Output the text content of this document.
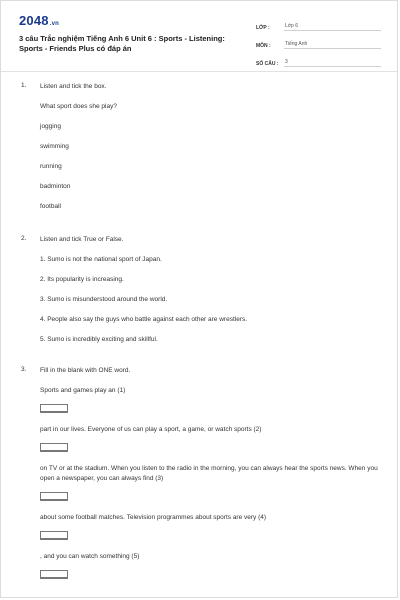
2048.vn
3 câu Trắc nghiệm Tiếng Anh 6 Unit 6 : Sports - Listening: Sports - Friends Plus có đáp án
LỚP :	Lớp 6
MÔN :	Tiếng Anh
SỐ CÂU :	3
1. Listen and tick the box.

What sport does she play?

jogging

swimming

running

badminton

football

2. Listen and tick True or False.

1. Sumo is not the national sport of Japan.

2. Its popularity is increasing.

3. Sumo is misunderstood around the world.

4. People also say the guys who battle against each other are wrestlers.

5. Sumo is incredibly exciting and skillful.

3. Fill in the blank with ONE word.

Sports and games play an (1)

part in our lives. Everyone of us can play a sport, a game, or watch sports (2)

on TV or at the stadium. When you listen to the radio in the morning, you can always hear the sports news. When you open a newspaper, you can always find (3)

about some football matches. Television programmes about sports are very (4)

, and you can watch something (5)
